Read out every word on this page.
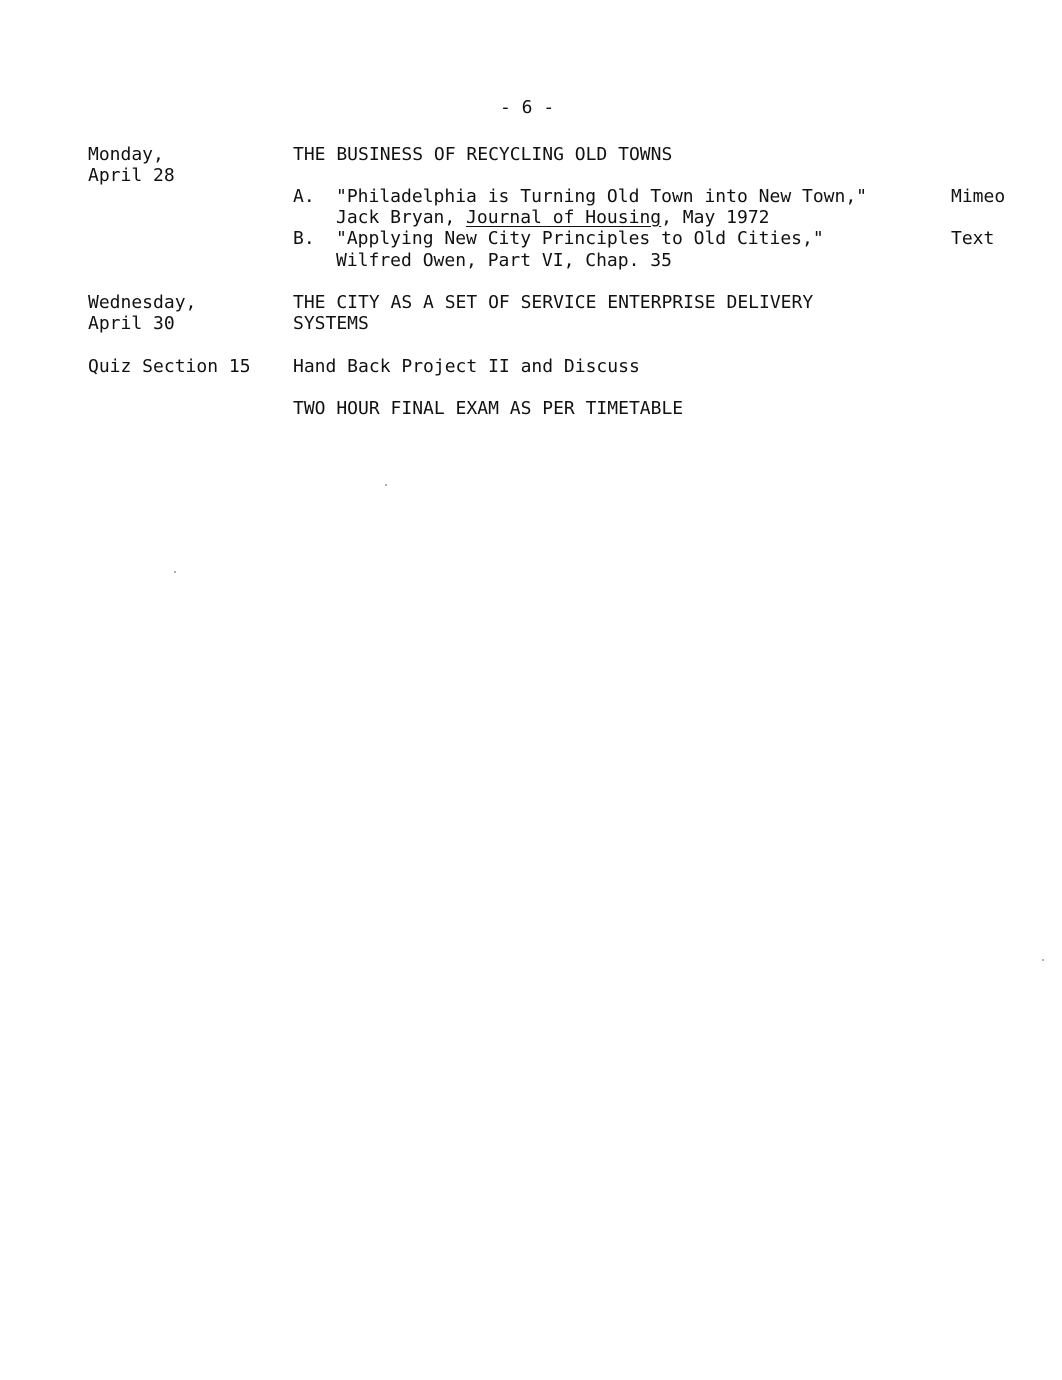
- 6 -
Monday,
April 28
THE BUSINESS OF RECYCLING OLD TOWNS
A. "Philadelphia is Turning Old Town into New Town,"
Jack Bryan, Journal of Housing, May 1972
Mimeo
B. "Applying New City Principles to Old Cities,"
Wilfred Owen, Part VI, Chap. 35
Text
Wednesday,
April 30
THE CITY AS A SET OF SERVICE ENTERPRISE DELIVERY
SYSTEMS
Quiz Section 15 Hand Back Project II and Discuss
TWO HOUR FINAL EXAM AS PER TIMETABLE
